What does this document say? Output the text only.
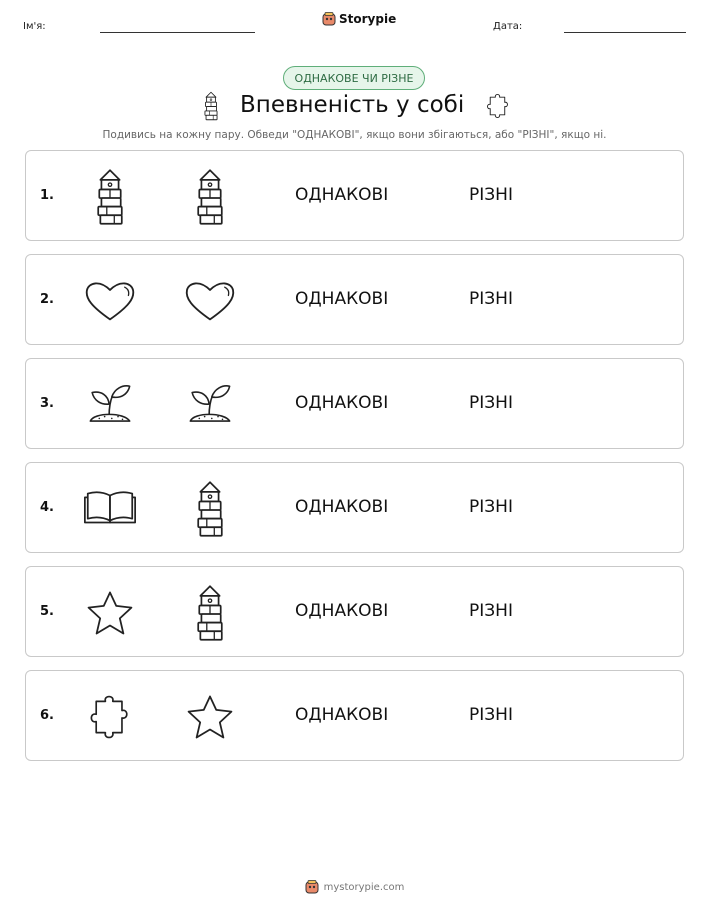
Ім'я:
Storypie
Дата:
ОДНАКОВЕ ЧИ РІЗНЕ
Впевненість у собі
Подивись на кожну пару. Обведи "ОДНАКОВІ", якщо вони збігаються, або "РІЗНІ", якщо ні.
1.	ОДНАКОВІ	РІЗНІ
2.	ОДНАКОВІ	РІЗНІ
3.	ОДНАКОВІ	РІЗНІ
4.	ОДНАКОВІ	РІЗНІ
5.	ОДНАКОВІ	РІЗНІ
6.	ОДНАКОВІ	РІЗНІ
mystorypie.com
